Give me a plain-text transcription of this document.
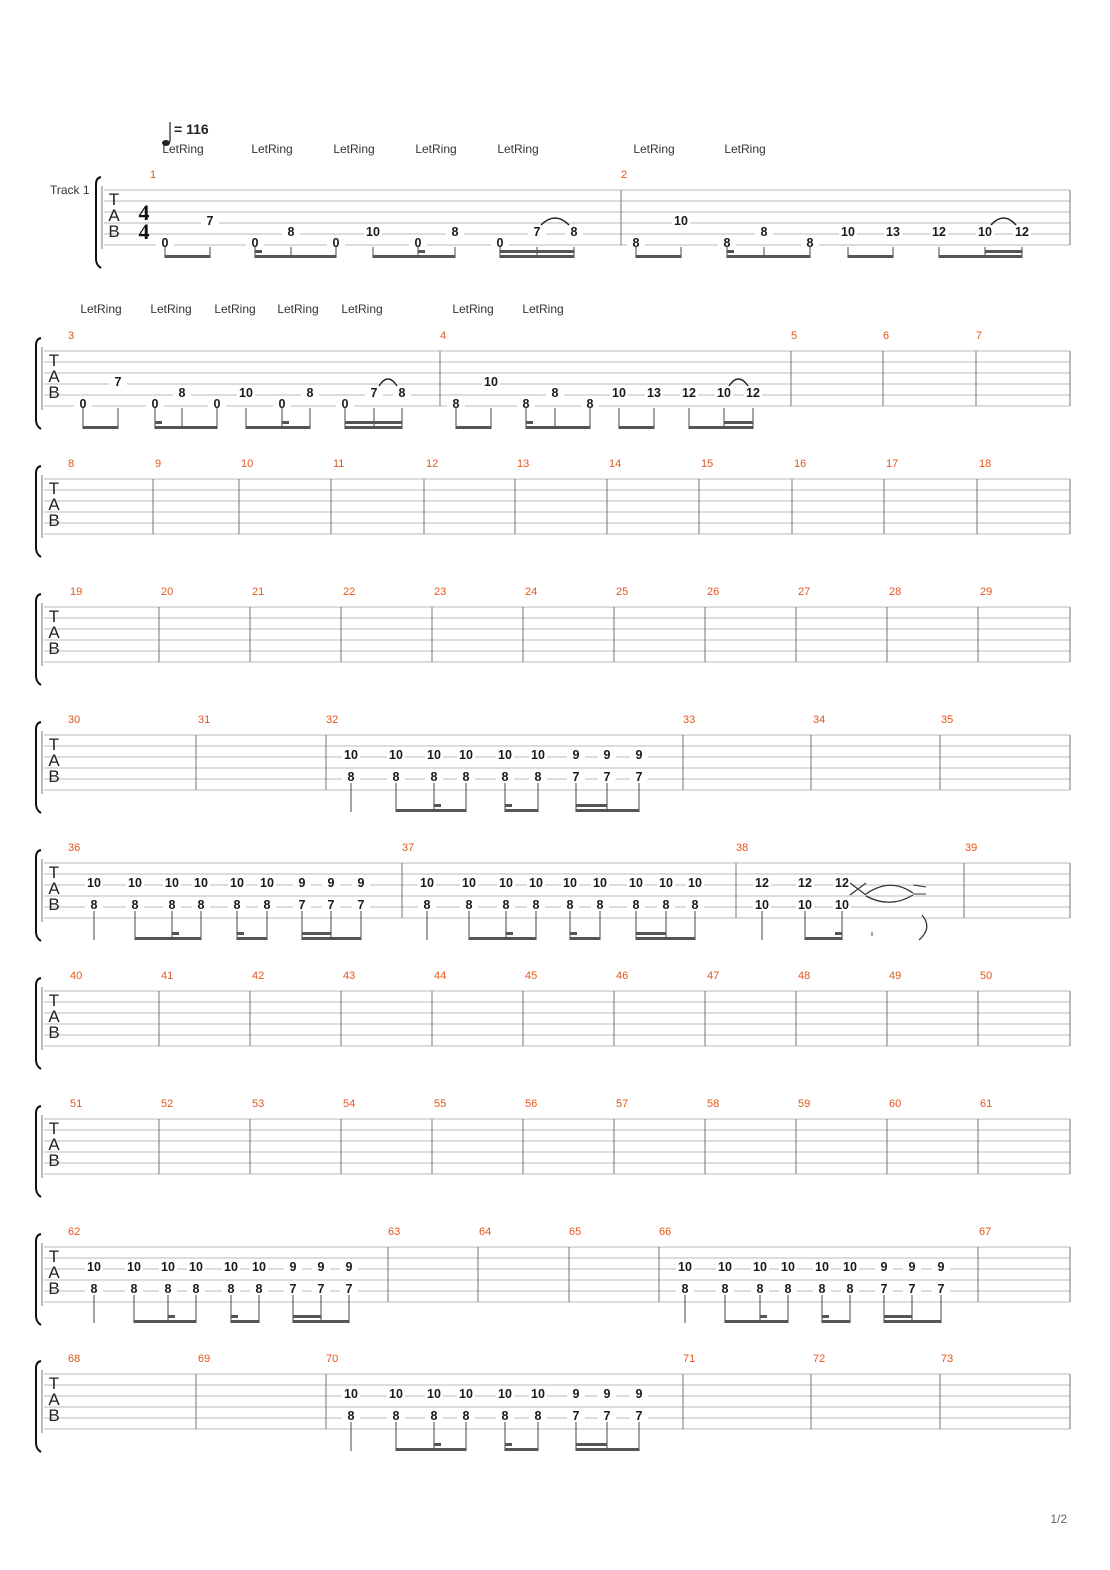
Track 1
= 116
T
A
B
4
4
1	2
LetRing	LetRing	LetRing	LetRing	LetRing	LetRing	LetRing
0
7
0
8
0
10
0
8
0
7 8
8
10
8
8
8
10 13	12	10 12
T
A
B
3	4	5	6	7
LetRing LetRing LetRing LetRing LetRing	LetRing LetRing
0
7
0
8
0
10
0
8
0
7 8
8
10
8
8
8
10 13 12 10 12
T
A
B
8	9	10	11	12	13	14	15	16	17	18
T
A
B
19	20	21	22	23	24	25	26	27	28	29
T
A
B
40	41	42	43	44	45	46	47	48	49	50
T
A
B
51	52	53	54	55	56	57	58	59	60	61
T
A
B
30	31	32	33	34	35
10
8
10
8
10
8
10
8
10
8
10
8
9
7
9
7
9
7
T
A
B
36	37	38	39
10
8
10
8
10
8
10
8
10
8
10
8
9
7
9
7
9
7
10
8
10
8
10
8
10
8
10
8
10
8
10
8
10
8
10
8
12
10
12
10
12
10
T
A
B
62	63	64	65	66	67
10
8
10
8
10
8
10
8
10
8
10
8
9
7
9
7
9
7
10
8
10
8
10
8
10
8
10
8
10
8
9
7
9
7
9
7
T
A
B
68	69	70	71	72	73
10
8
10
8
10
8
10
8
10
8
10
8
9
7
9
7
9
7
1/2
